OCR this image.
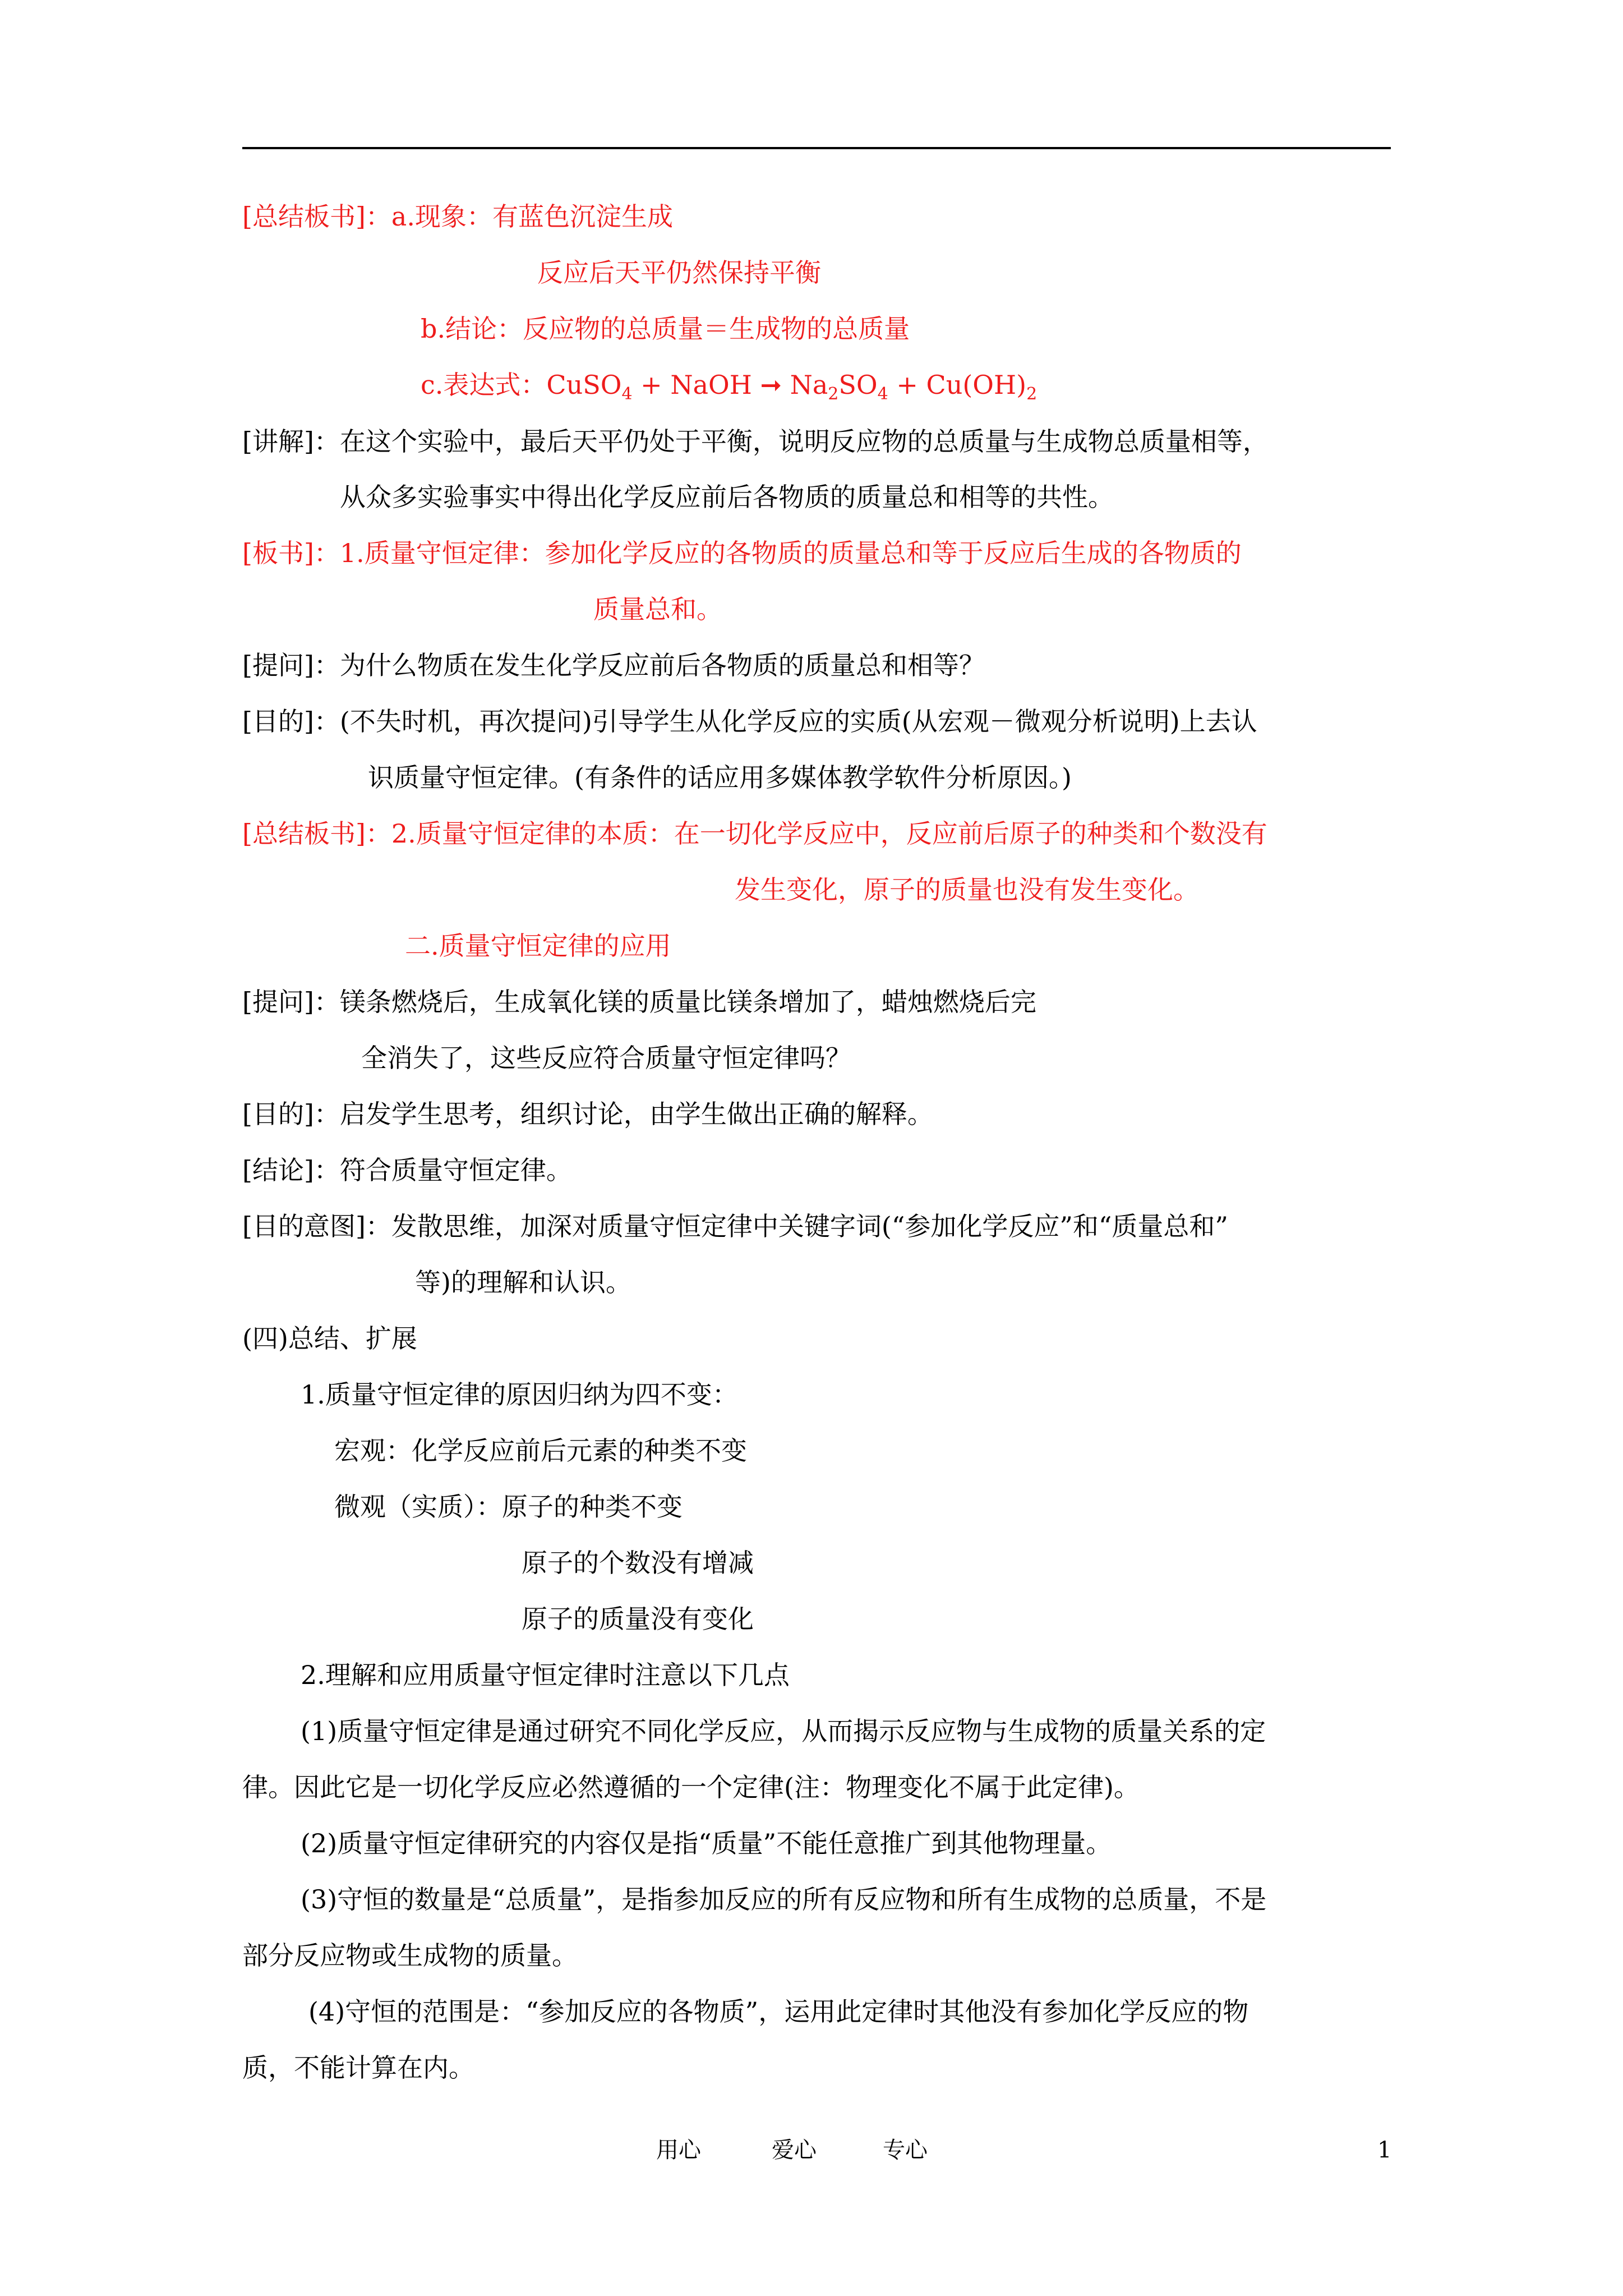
[总结板书]：a.现象：有蓝色沉淀生成
反应后天平仍然保持平衡
b.结论：反应物的总质量＝生成物的总质量
c.表达式：CuSO$_4$ + NaOH ➞ $Na_2SO_4 + Cu(OH)_2$
[讲解]：在这个实验中，最后天平仍处于平衡，说明反应物的总质量与生成物总质量相等，
从众多实验事实中得出化学反应前后各物质的质量总和相等的共性。
[板书]：1.质量守恒定律：参加化学反应的各物质的质量总和等于反应后生成的各物质的
质量总和。
[提问]：为什么物质在发生化学反应前后各物质的质量总和相等？
[目的]：(不失时机，再次提问)引导学生从化学反应的实质(从宏观－微观分析说明)上去认
识质量守恒定律。(有条件的话应用多媒体教学软件分析原因。)
[总结板书]：2.质量守恒定律的本质：在一切化学反应中，反应前后原子的种类和个数没有
发生变化，原子的质量也没有发生变化。
二.质量守恒定律的应用
[提问]：镁条燃烧后，生成氧化镁的质量比镁条增加了，蜡烛燃烧后完
全消失了，这些反应符合质量守恒定律吗？
[目的]：启发学生思考，组织讨论，由学生做出正确的解释。
[结论]：符合质量守恒定律。
[目的意图]：发散思维，加深对质量守恒定律中关键字词(“参加化学反应”和“质量总和”
等)的理解和认识。
(四)总结、扩展
1.质量守恒定律的原因归纳为四不变：
宏观：化学反应前后元素的种类不变
微观（实质）：原子的种类不变
原子的个数没有增减
原子的质量没有变化
2.理解和应用质量守恒定律时注意以下几点
(1)质量守恒定律是通过研究不同化学反应，从而揭示反应物与生成物的质量关系的定
律。因此它是一切化学反应必然遵循的一个定律(注：物理变化不属于此定律)。
(2)质量守恒定律研究的内容仅是指“质量”不能任意推广到其他物理量。
(3)守恒的数量是“总质量”，是指参加反应的所有反应物和所有生成物的总质量，不是
部分反应物或生成物的质量。
(4)守恒的范围是：“参加反应的各物质”，运用此定律时其他没有参加化学反应的物
质，不能计算在内。
用心	爱心	专心	1
